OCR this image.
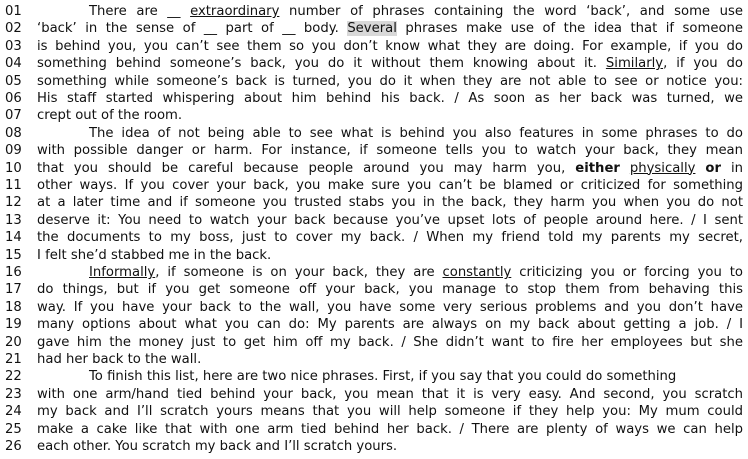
01	There are __ extraordinary number of phrases containing the word ‘back’, and some use
02 ‘back’ in the sense of __ part of __ body. Several phrases make use of the idea that if someone
03 is behind you, you can’t see them so you don’t know what they are doing. For example, if you do
04 something behind someone’s back, you do it without them knowing about it. Similarly, if you do
05 something while someone’s back is turned, you do it when they are not able to see or notice you:
06 His staff started whispering about him behind his back. / As soon as her back was turned, we
07 crept out of the room.
08	The idea of not being able to see what is behind you also features in some phrases to do
09 with possible danger or harm. For instance, if someone tells you to watch your back, they mean
10 that you should be careful because people around you may harm you, either physically or in
11 other ways. If you cover your back, you make sure you can’t be blamed or criticized for something
12 at a later time and if someone you trusted stabs you in the back, they harm you when you do not
13 deserve it: You need to watch your back because you’ve upset lots of people around here. / I sent
14 the documents to my boss, just to cover my back. / When my friend told my parents my secret,
15 I felt she’d stabbed me in the back.
16	Informally, if someone is on your back, they are constantly criticizing you or forcing you to
17 do things, but if you get someone off your back, you manage to stop them from behaving this
18 way. If you have your back to the wall, you have some very serious problems and you don’t have
19 many options about what you can do: My parents are always on my back about getting a job. / I
20 gave him the money just to get him off my back. / She didn’t want to fire her employees but she
21 had her back to the wall.
22	To finish this list, here are two nice phrases. First, if you say that you could do something
23 with one arm/hand tied behind your back, you mean that it is very easy. And second, you scratch
24 my back and I’ll scratch yours means that you will help someone if they help you: My mum could
25 make a cake like that with one arm tied behind her back. / There are plenty of ways we can help
26 each other. You scratch my back and I’ll scratch yours.
